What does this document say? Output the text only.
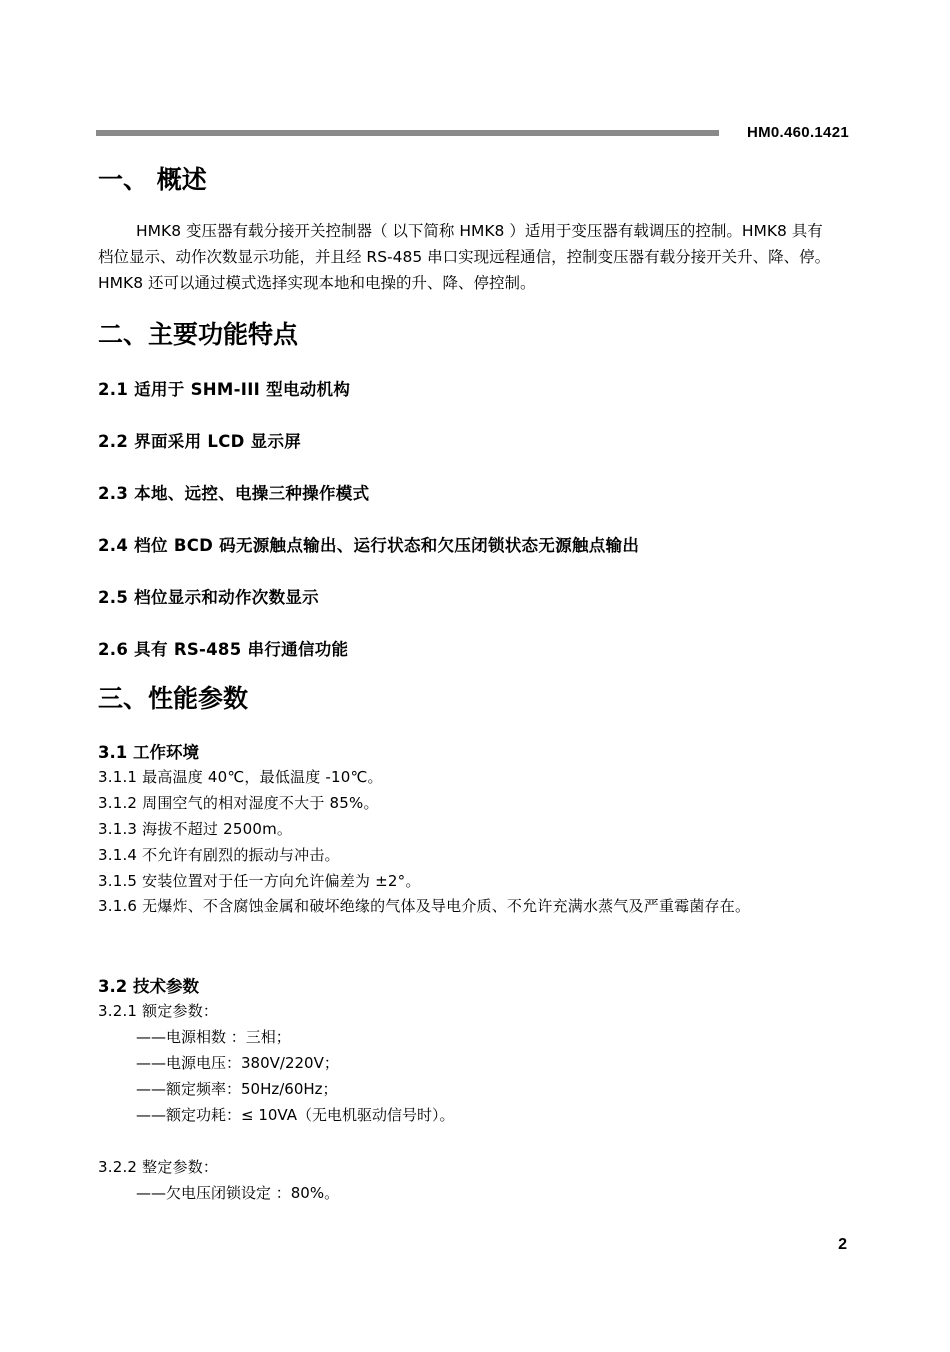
HM0.460.1421
一、 概述
HMK8 变压器有载分接开关控制器（ 以下简称 HMK8 ）适用于变压器有载调压的控制。HMK8 具有档位显示、动作次数显示功能，并且经 RS-485 串口实现远程通信，控制变压器有载分接开关升、降、停。HMK8 还可以通过模式选择实现本地和电操的升、降、停控制。
二、主要功能特点
2.1 适用于 SHM-III 型电动机构
2.2 界面采用 LCD 显示屏
2.3 本地、远控、电操三种操作模式
2.4 档位 BCD 码无源触点输出、运行状态和欠压闭锁状态无源触点输出
2.5 档位显示和动作次数显示
2.6 具有 RS-485 串行通信功能
三、性能参数
3.1 工作环境
3.1.1 最高温度 40℃，最低温度 -10℃。
3.1.2 周围空气的相对湿度不大于 85%。
3.1.3 海拔不超过 2500m。
3.1.4 不允许有剧烈的振动与冲击。
3.1.5 安装位置对于任一方向允许偏差为 ±2°。
3.1.6 无爆炸、不含腐蚀金属和破坏绝缘的气体及导电介质、不允许充满水蒸气及严重霉菌存在。
3.2 技术参数
3.2.1 额定参数：
——电源相数 ：三相；
——电源电压：380V/220V；
——额定频率：50Hz/60Hz；
——额定功耗：≤ 10VA（无电机驱动信号时）。
3.2.2 整定参数：
——欠电压闭锁设定 ：80%。
2
